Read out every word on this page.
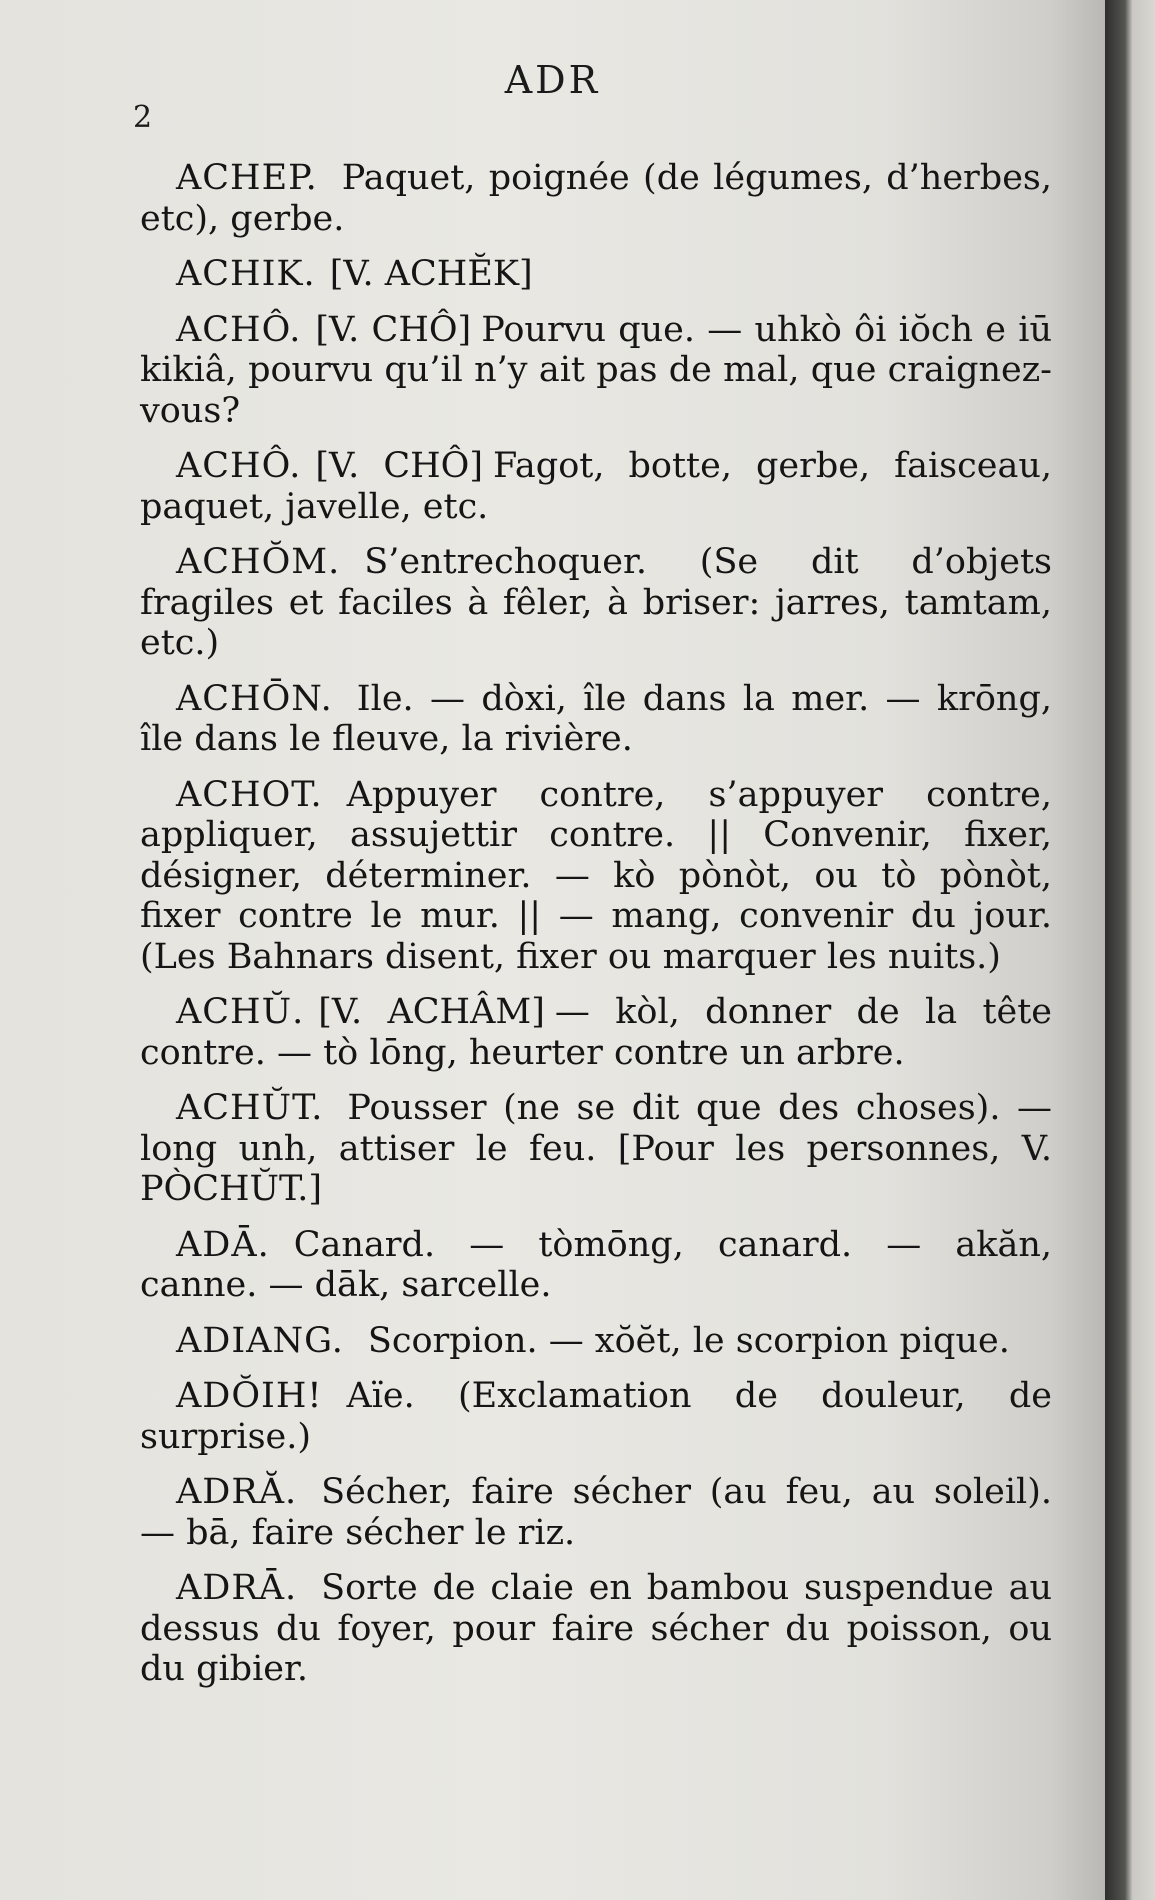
ADR
2

ACHEP. Paquet, poignée (de légumes, d’herbes, etc), gerbe.

ACHIK. [V. ACHĔK]

ACHÔ. [V. CHÔ] Pourvu que. — uhkò ôi iŏch e iū kikiâ, pourvu qu’il n’y ait pas de mal, que craignez-vous?

ACHÔ. [V. CHÔ] Fagot, botte, gerbe, faisceau, paquet, javelle, etc.

ACHŎM. S’entrechoquer. (Se dit d’objets fragiles et faciles à fêler, à briser: jarres, tamtam, etc.)

ACHŌN. Ile. — dòxi, île dans la mer. — krōng, île dans le fleuve, la rivière.

ACHOT. Appuyer contre, s’appuyer contre, appliquer, assujettir contre. || Convenir, fixer, désigner, déterminer. — kò pònòt, ou tò pònòt, fixer contre le mur. || — mang, convenir du jour. (Les Bahnars disent, fixer ou marquer les nuits.)

ACHŬ. [V. ACHÂM] — kòl, donner de la tête contre. — tò lōng, heurter contre un arbre.

ACHŬT. Pousser (ne se dit que des choses). — long unh, attiser le feu. [Pour les personnes, V. PÒCHŬT.]

ADĀ. Canard. — tòmōng, canard. — akăn, canne. — dāk, sarcelle.

ADIANG. Scorpion. — xŏĕt, le scorpion pique.

ADŎIH! Aïe. (Exclamation de douleur, de surprise.)

ADRĂ. Sécher, faire sécher (au feu, au soleil). — bā, faire sécher le riz.

ADRĀ. Sorte de claie en bambou suspendue au dessus du foyer, pour faire sécher du poisson, ou du gibier.
